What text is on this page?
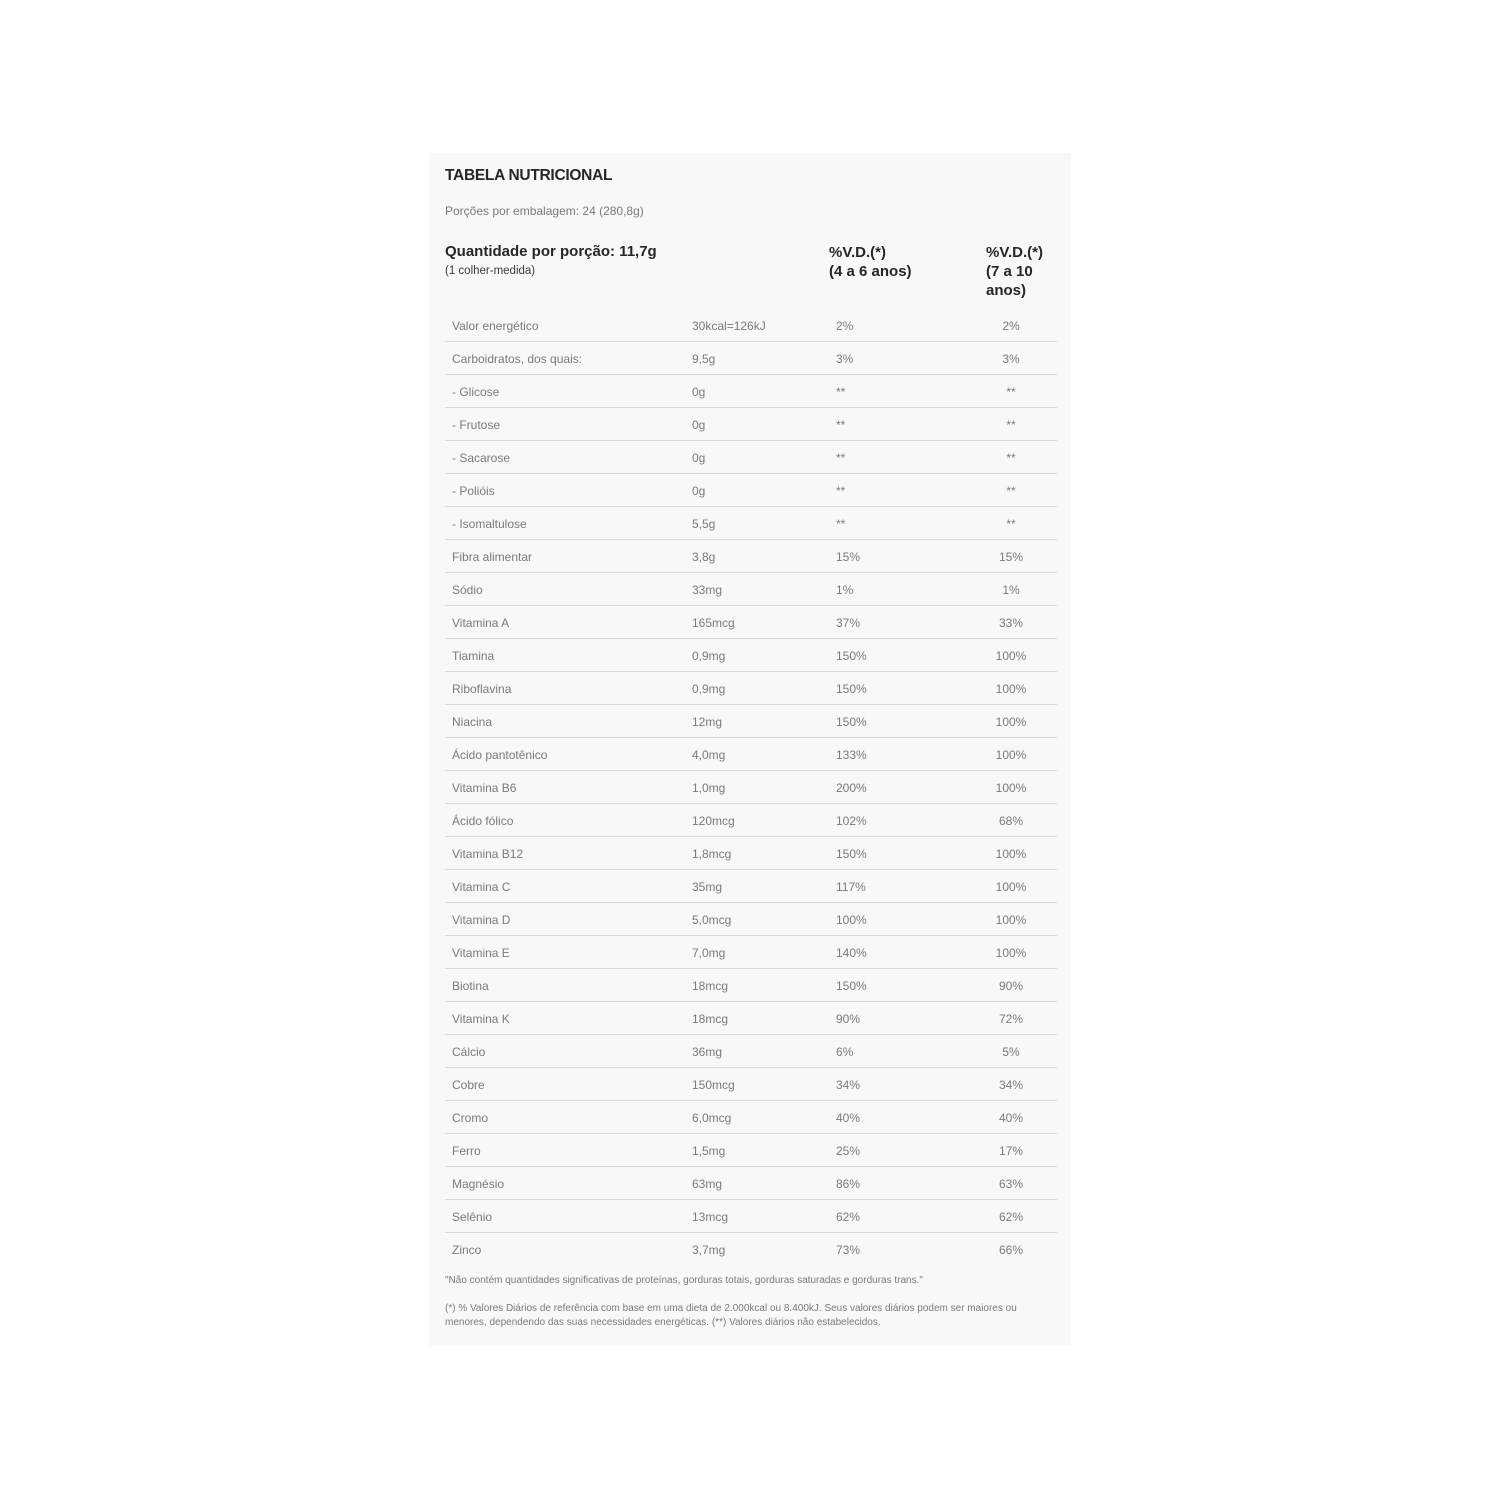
TABELA NUTRICIONAL
Porções por embalagem: 24 (280,8g)
Quantidade por porção: 11,7g
(1 colher-medida)
%V.D.(*)
(4 a 6 anos)
%V.D.(*)
(7 a 10
anos)
Valor energético	30kcal=126kJ	2%	2%
Carboidratos, dos quais:	9,5g	3%	3%
- Glicose	0g	**	**
- Frutose	0g	**	**
- Sacarose	0g	**	**
- Polióis	0g	**	**
- Isomaltulose	5,5g	**	**
Fibra alimentar	3,8g	15%	15%
Sódio	33mg	1%	1%
Vitamina A	165mcg	37%	33%
Tiamina	0,9mg	150%	100%
Riboflavina	0,9mg	150%	100%
Niacina	12mg	150%	100%
Ácido pantotênico	4,0mg	133%	100%
Vitamina B6	1,0mg	200%	100%
Ácido fólico	120mcg	102%	68%
Vitamina B12	1,8mcg	150%	100%
Vitamina C	35mg	117%	100%
Vitamina D	5,0mcg	100%	100%
Vitamina E	7,0mg	140%	100%
Biotina	18mcg	150%	90%
Vitamina K	18mcg	90%	72%
Cálcio	36mg	6%	5%
Cobre	150mcg	34%	34%
Cromo	6,0mcg	40%	40%
Ferro	1,5mg	25%	17%
Magnésio	63mg	86%	63%
Selênio	13mcg	62%	62%
Zinco	3,7mg	73%	66%
"Não contém quantidades significativas de proteínas, gorduras totais, gorduras saturadas e gorduras trans."
(*) % Valores Diários de referência com base em uma dieta de 2.000kcal ou 8.400kJ. Seus valores diários podem ser maiores ou menores, dependendo das suas necessidades energéticas. (**) Valores diários não estabelecidos.
